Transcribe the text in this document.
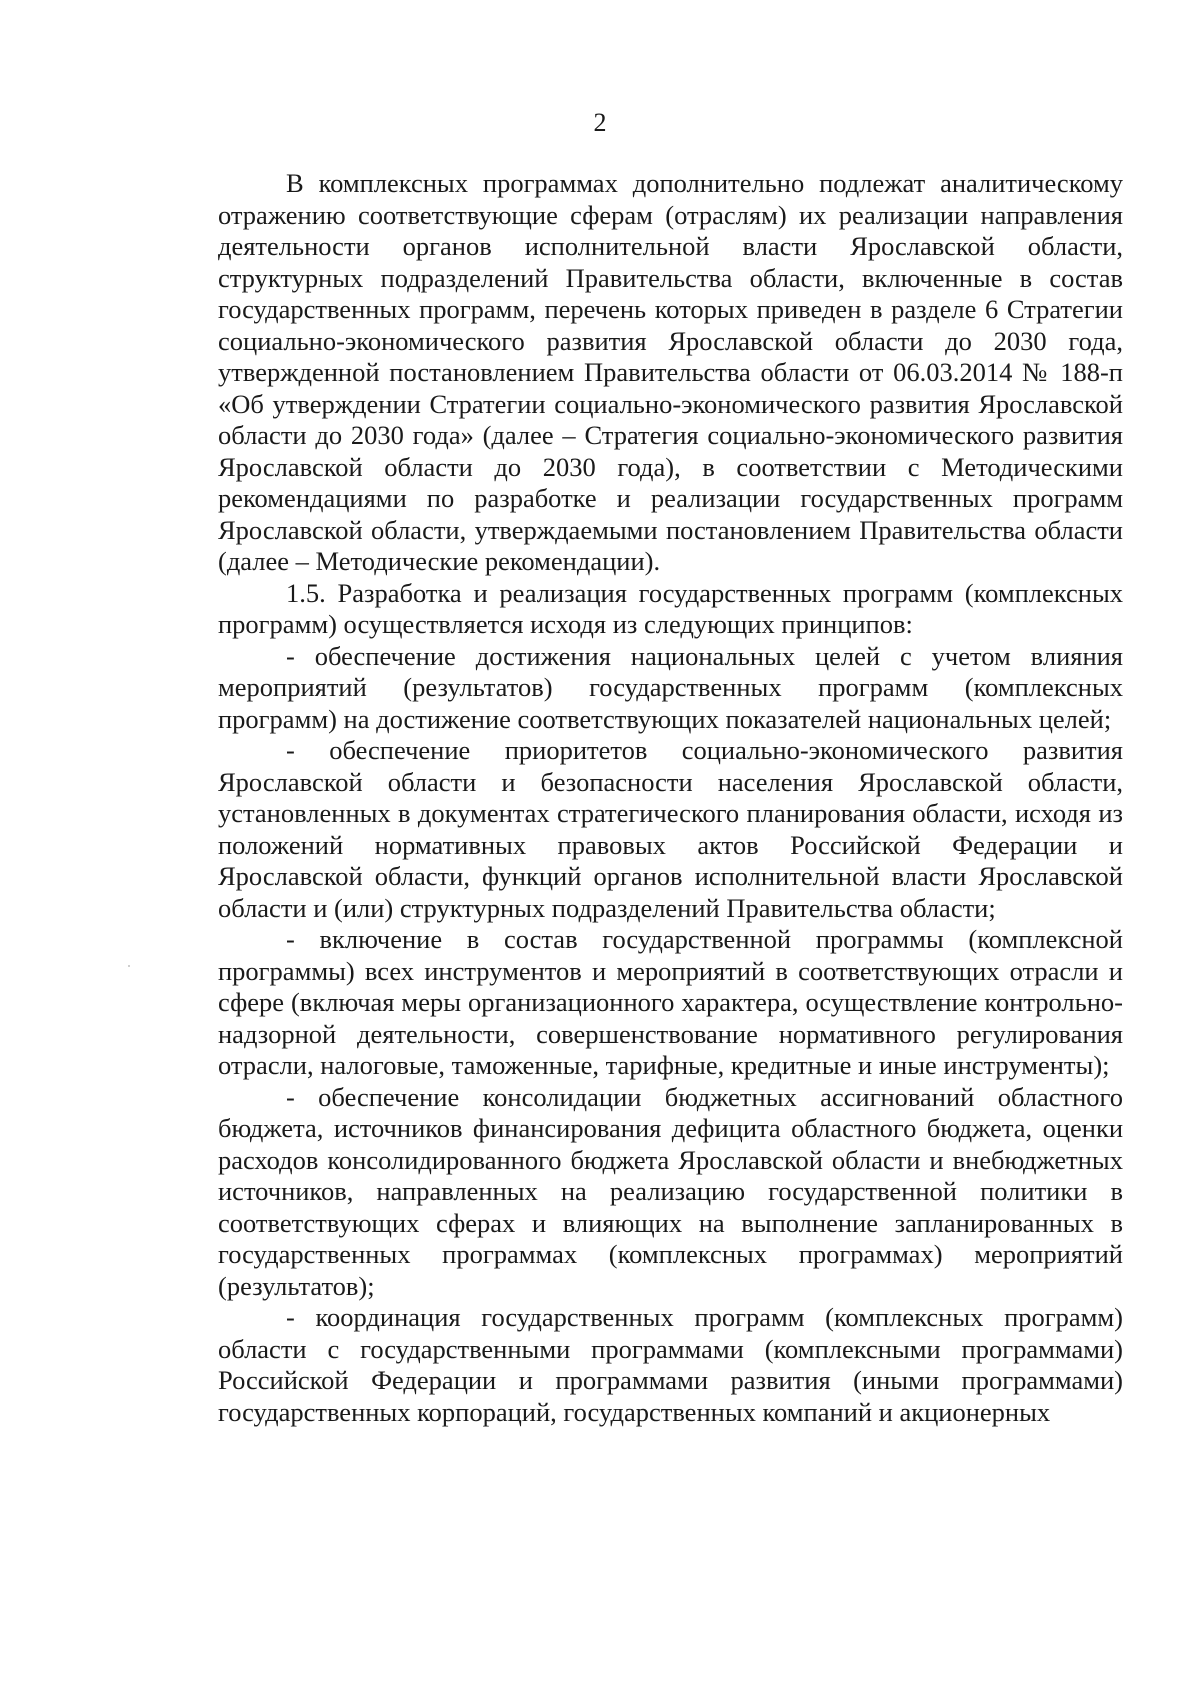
2

В комплексных программах дополнительно подлежат аналитическому отражению соответствующие сферам (отраслям) их реализации направления деятельности органов исполнительной власти Ярославской области, структурных подразделений Правительства области, включенные в состав государственных программ, перечень которых приведен в разделе 6 Стратегии социально-экономического развития Ярославской области до 2030 года, утвержденной постановлением Правительства области от 06.03.2014 № 188-п «Об утверждении Стратегии социально-экономического развития Ярославской области до 2030 года» (далее – Стратегия социально-экономического развития Ярославской области до 2030 года), в соответствии с Методическими рекомендациями по разработке и реализации государственных программ Ярославской области, утверждаемыми постановлением Правительства области (далее – Методические рекомендации).

1.5. Разработка и реализация государственных программ (комплексных программ) осуществляется исходя из следующих принципов:

- обеспечение достижения национальных целей с учетом влияния мероприятий (результатов) государственных программ (комплексных программ) на достижение соответствующих показателей национальных целей;

- обеспечение приоритетов социально-экономического развития Ярославской области и безопасности населения Ярославской области, установленных в документах стратегического планирования области, исходя из положений нормативных правовых актов Российской Федерации и Ярославской области, функций органов исполнительной власти Ярославской области и (или) структурных подразделений Правительства области;

- включение в состав государственной программы (комплексной программы) всех инструментов и мероприятий в соответствующих отрасли и сфере (включая меры организационного характера, осуществление контрольно-надзорной деятельности, совершенствование нормативного регулирования отрасли, налоговые, таможенные, тарифные, кредитные и иные инструменты);

- обеспечение консолидации бюджетных ассигнований областного бюджета, источников финансирования дефицита областного бюджета, оценки расходов консолидированного бюджета Ярославской области и внебюджетных источников, направленных на реализацию государственной политики в соответствующих сферах и влияющих на выполнение запланированных в государственных программах (комплексных программах) мероприятий (результатов);

- координация государственных программ (комплексных программ) области с государственными программами (комплексными программами) Российской Федерации и программами развития (иными программами) государственных корпораций, государственных компаний и акционерных
